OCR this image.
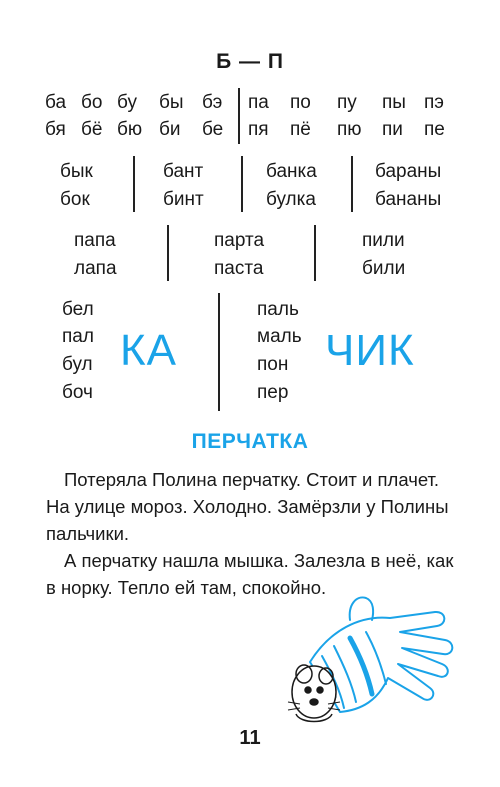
Б — П
ба бо бу бы бэ
бя бё бю би бе
па по пу пы пэ
пя пё пю пи пе
бык
бок
бант
бинт
банка
булка
бараны
бананы
папа
лапа
парта
паста
пили
били
бел
пал
бул
боч
КА
паль
маль
пон
пер
ЧИК
ПЕРЧАТКА

Потеряла Полина перчатку. Стоит и плачет. На улице мороз. Холодно. Замёрзли у Полины пальчики.

А перчатку нашла мышка. Залезла в неё, как в норку. Тепло ей там, спокойно.

11
